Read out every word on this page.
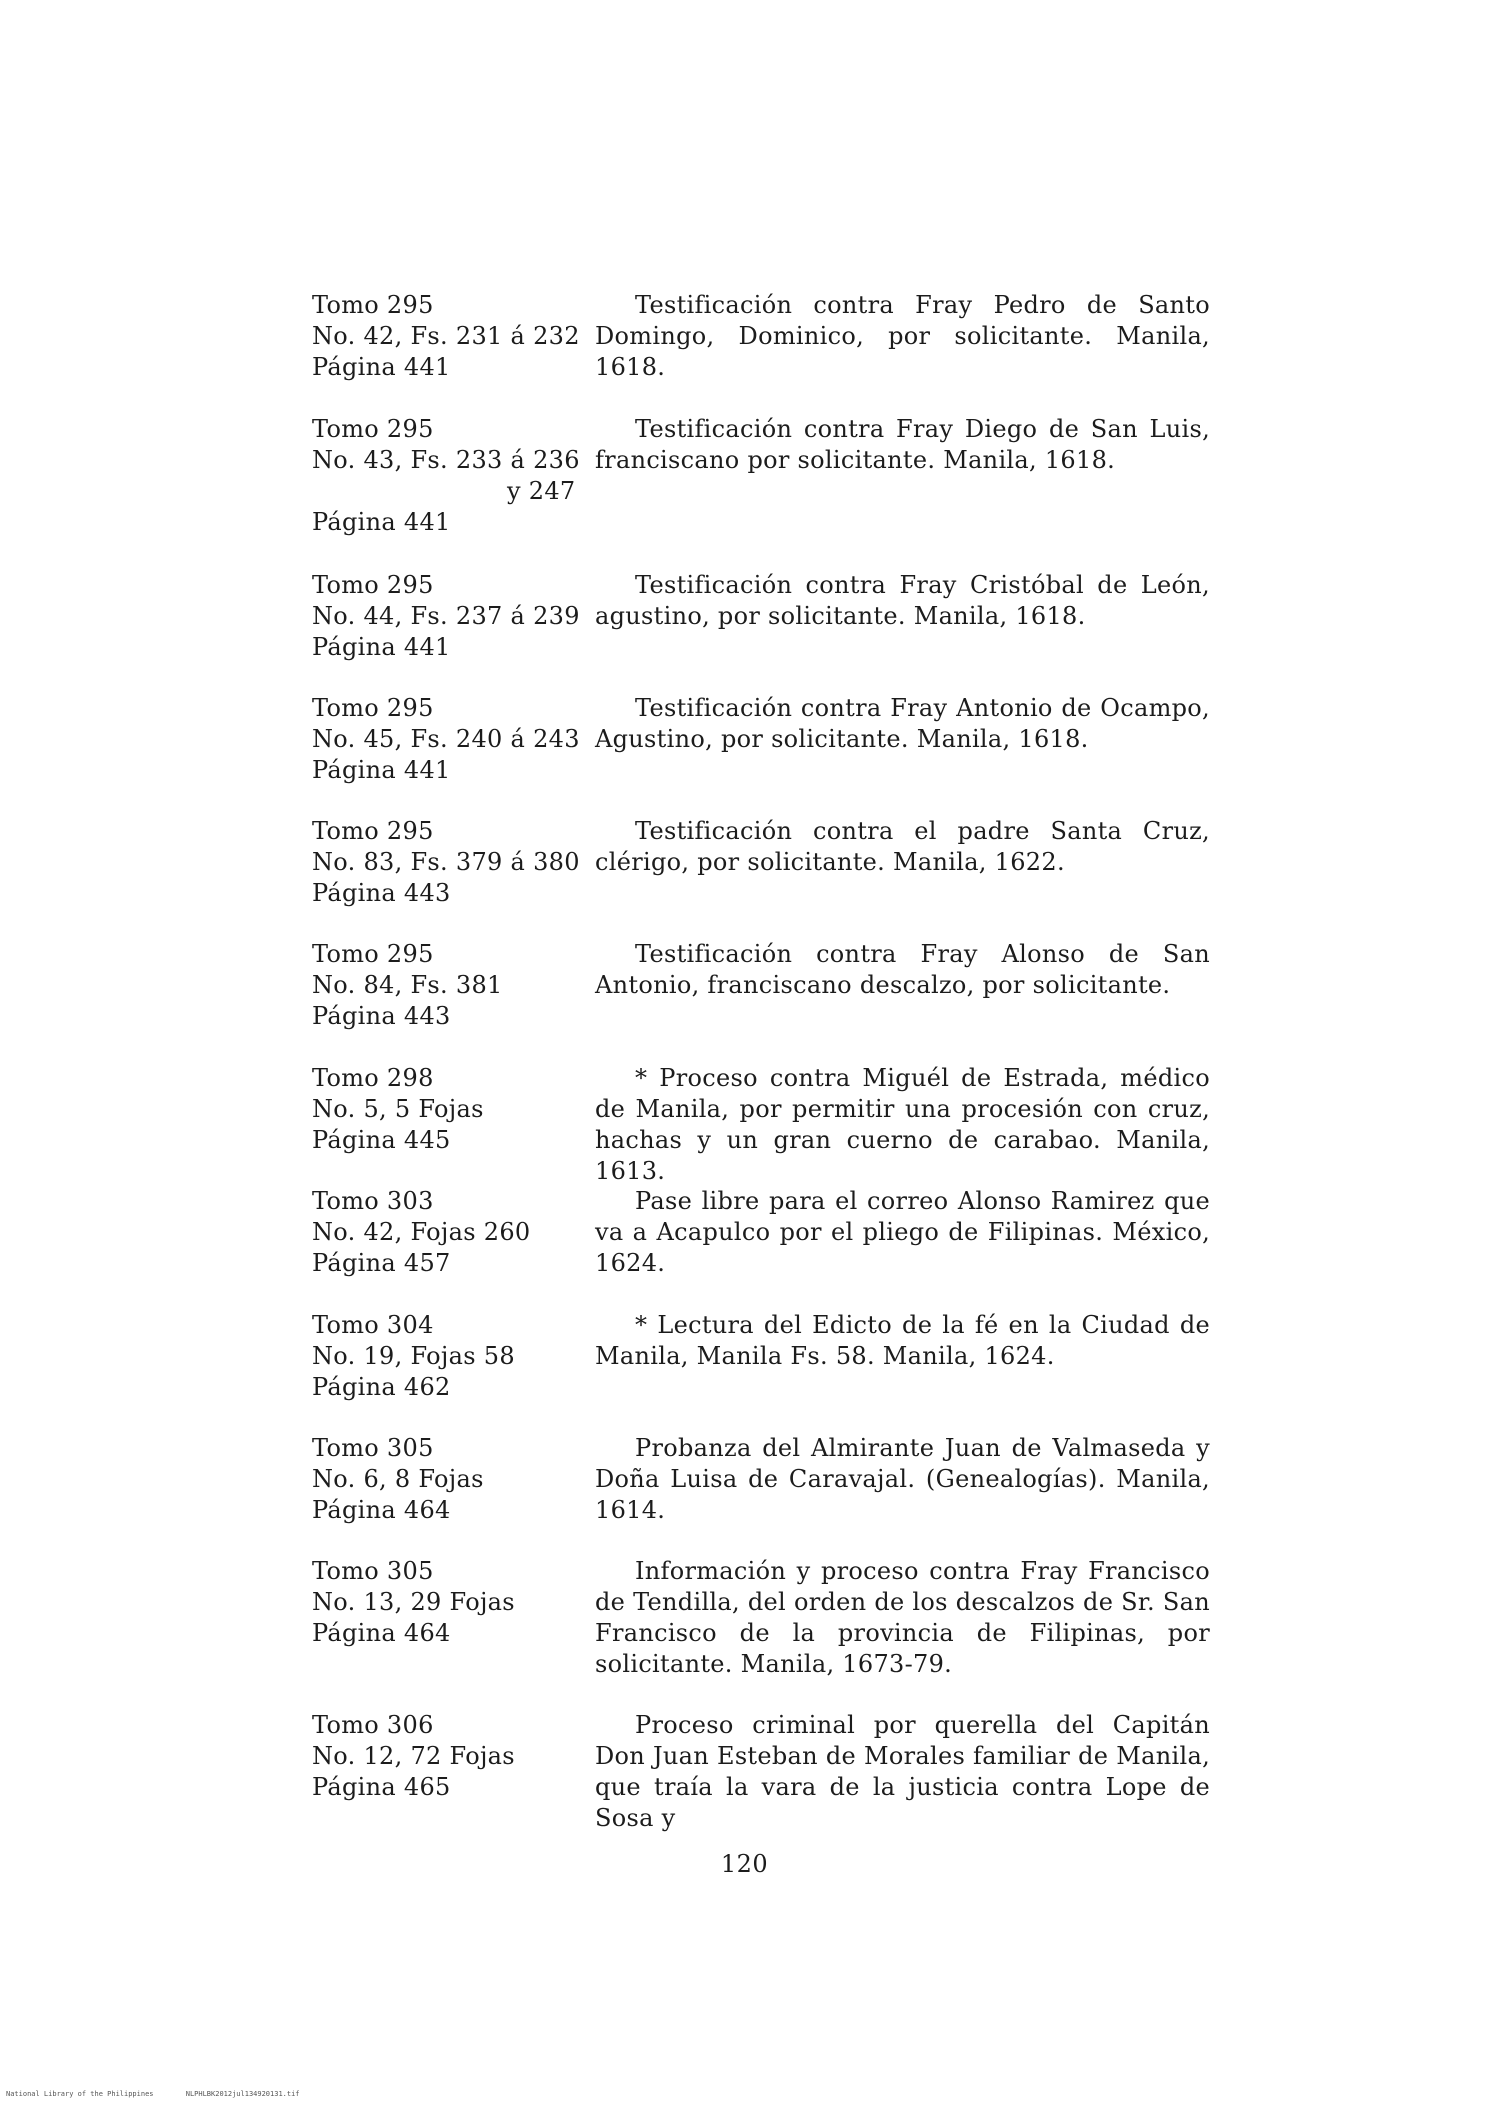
Tomo 295
No. 42, Fs. 231 á 232
Página 441
Testificación contra Fray Pedro de Santo Domingo, Dominico, por solicitante. Manila, 1618.
Tomo 295
No. 43, Fs. 233 á 236
y 247
Página 441
Testificación contra Fray Diego de San Luis, franciscano por solicitante. Manila, 1618.
Tomo 295
No. 44, Fs. 237 á 239
Página 441
Testificación contra Fray Cristóbal de León, agustino, por solicitante. Manila, 1618.
Tomo 295
No. 45, Fs. 240 á 243
Página 441
Testificación contra Fray Antonio de Ocampo, Agustino, por solicitante. Manila, 1618.
Tomo 295
No. 83, Fs. 379 á 380
Página 443
Testificación contra el padre Santa Cruz, clérigo, por solicitante. Manila, 1622.
Tomo 295
No. 84, Fs. 381
Página 443
Testificación contra Fray Alonso de San Antonio, franciscano descalzo, por solicitante.
Tomo 298
No. 5, 5 Fojas
Página 445
* Proceso contra Miguél de Estrada, médico de Manila, por permitir una procesión con cruz, hachas y un gran cuerno de carabao. Manila, 1613.
Tomo 303
No. 42, Fojas 260
Página 457
Pase libre para el correo Alonso Ramirez que va a Acapulco por el pliego de Filipinas. México, 1624.
Tomo 304
No. 19, Fojas 58
Página 462
* Lectura del Edicto de la fé en la Ciudad de Manila, Manila Fs. 58. Manila, 1624.
Tomo 305
No. 6, 8 Fojas
Página 464
Probanza del Almirante Juan de Valmaseda y Doña Luisa de Caravajal. (Genealogías). Manila, 1614.
Tomo 305
No. 13, 29 Fojas
Página 464
Información y proceso contra Fray Francisco de Tendilla, del orden de los descalzos de Sr. San Francisco de la provincia de Filipinas, por solicitante. Manila, 1673-79.
Tomo 306
No. 12, 72 Fojas
Página 465
Proceso criminal por querella del Capitán Don Juan Esteban de Morales familiar de Manila, que traía la vara de la justicia contra Lope de Sosa y
120
National Library of the Philippines	NLPHLBK2012jul134920131.tif
